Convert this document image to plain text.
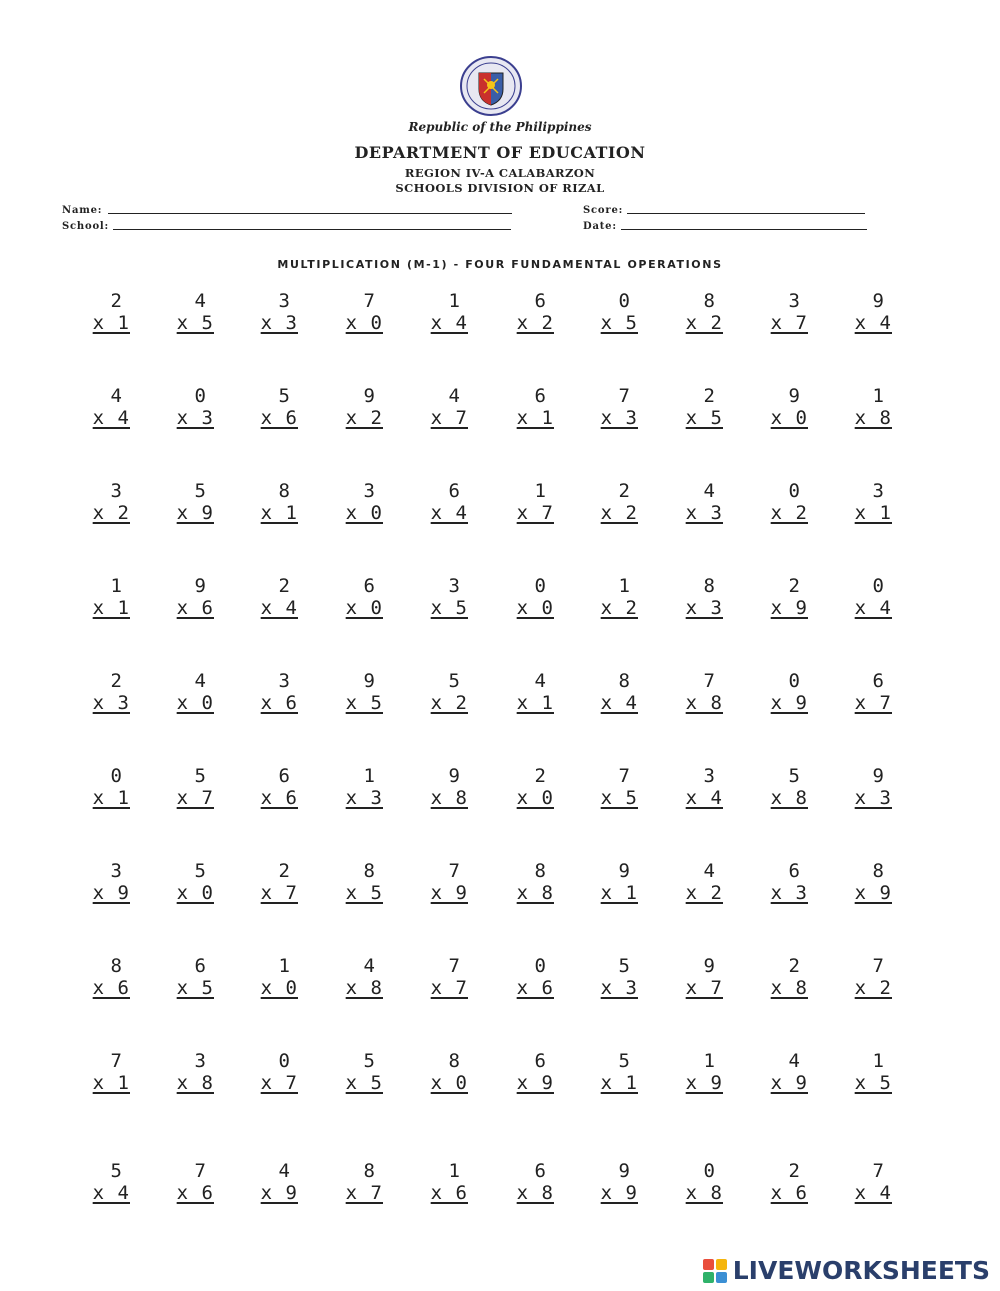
Republic of the Philippines
DEPARTMENT OF EDUCATION
REGION IV-A CALABARZON
SCHOOLS DIVISION OF RIZAL
Name:
School:
Score:
Date:
MULTIPLICATION (M-1) - FOUR FUNDAMENTAL OPERATIONS
2
x 1
4
x 5
3
x 3
7
x 0
1
x 4
6
x 2
0
x 5
8
x 2
3
x 7
9
x 4
4
x 4
0
x 3
5
x 6
9
x 2
4
x 7
6
x 1
7
x 3
2
x 5
9
x 0
1
x 8
3
x 2
5
x 9
8
x 1
3
x 0
6
x 4
1
x 7
2
x 2
4
x 3
0
x 2
3
x 1
1
x 1
9
x 6
2
x 4
6
x 0
3
x 5
0
x 0
1
x 2
8
x 3
2
x 9
0
x 4
2
x 3
4
x 0
3
x 6
9
x 5
5
x 2
4
x 1
8
x 4
7
x 8
0
x 9
6
x 7
0
x 1
5
x 7
6
x 6
1
x 3
9
x 8
2
x 0
7
x 5
3
x 4
5
x 8
9
x 3
3
x 9
5
x 0
2
x 7
8
x 5
7
x 9
8
x 8
9
x 1
4
x 2
6
x 3
8
x 9
8
x 6
6
x 5
1
x 0
4
x 8
7
x 7
0
x 6
5
x 3
9
x 7
2
x 8
7
x 2
7
x 1
3
x 8
0
x 7
5
x 5
8
x 0
6
x 9
5
x 1
1
x 9
4
x 9
1
x 5
5
x 4
7
x 6
4
x 9
8
x 7
1
x 6
6
x 8
9
x 9
0
x 8
2
x 6
7
x 4
LIVEWORKSHEETS
